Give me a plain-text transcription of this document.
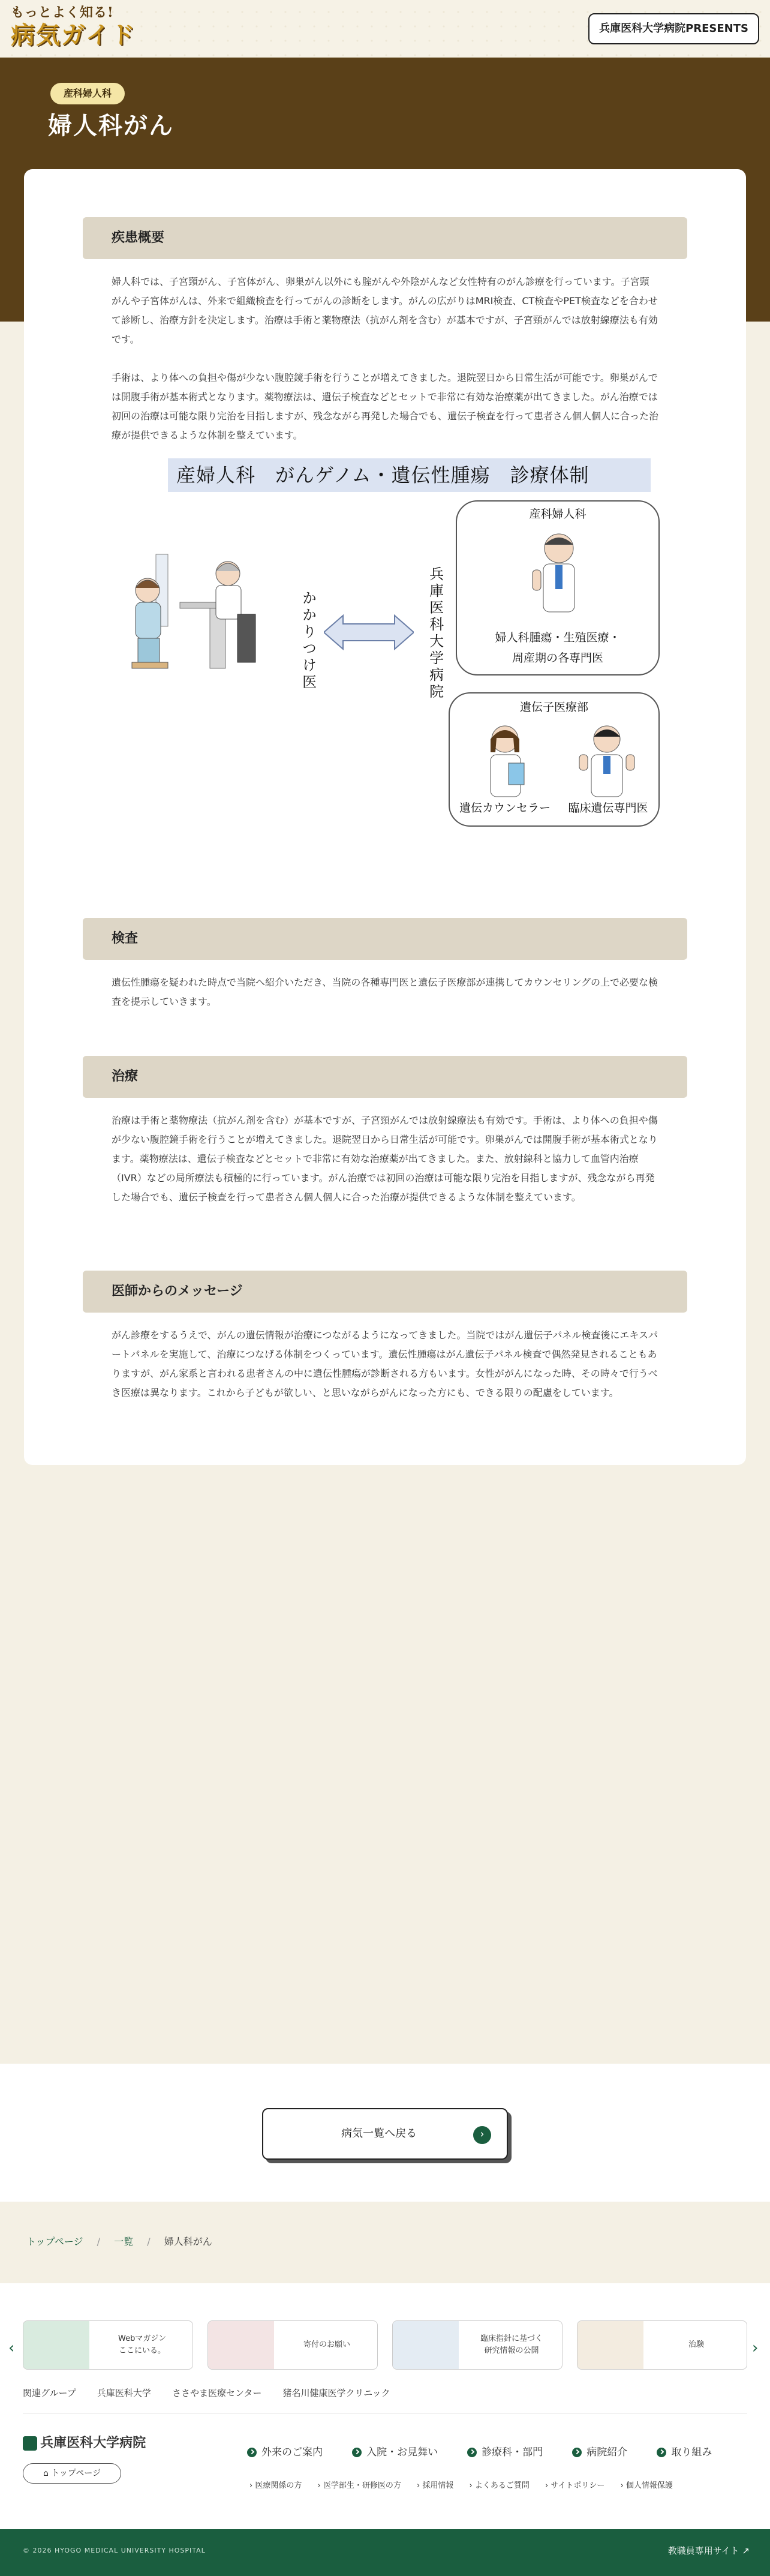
もっとよく知る!
病気ガイド	兵庫医科大学病院PRESENTS
産科婦人科
婦人科がん
疾患概要

婦人科では、子宮頸がん、子宮体がん、卵巣がん以外にも腟がんや外陰がんなど女性特有のがん診療を行っています。子宮頸がんや子宮体がんは、外来で組織検査を行ってがんの診断をします。がんの広がりはMRI検査、CT検査やPET検査などを合わせて診断し、治療方針を決定します。治療は手術と薬物療法（抗がん剤を含む）が基本ですが、子宮頸がんでは放射線療法も有効です。

手術は、より体への負担や傷が少ない腹腔鏡手術を行うことが増えてきました。退院翌日から日常生活が可能です。卵巣がんでは開腹手術が基本術式となります。薬物療法は、遺伝子検査などとセットで非常に有効な治療薬が出てきました。がん治療では初回の治療は可能な限り完治を目指しますが、残念ながら再発した場合でも、遺伝子検査を行って患者さん個人個人に合った治療が提供できるような体制を整えています。

産婦人科　がんゲノム・遺伝性腫瘍　診療体制
かかりつけ医	兵庫医科大学病院
産科婦人科
婦人科腫瘍・生殖医療・
周産期の各専門医
遺伝子医療部
遺伝カウンセラー	臨床遺伝専門医
検査

遺伝性腫瘍を疑われた時点で当院へ紹介いただき、当院の各種専門医と遺伝子医療部が連携してカウンセリングの上で必要な検査を提示していきます。

治療

治療は手術と薬物療法（抗がん剤を含む）が基本ですが、子宮頸がんでは放射線療法も有効です。手術は、より体への負担や傷が少ない腹腔鏡手術を行うことが増えてきました。退院翌日から日常生活が可能です。卵巣がんでは開腹手術が基本術式となります。薬物療法は、遺伝子検査などとセットで非常に有効な治療薬が出てきました。また、放射線科と協力して血管内治療（IVR）などの局所療法も積極的に行っています。がん治療では初回の治療は可能な限り完治を目指しますが、残念ながら再発した場合でも、遺伝子検査を行って患者さん個人個人に合った治療が提供できるような体制を整えています。

医師からのメッセージ

がん診療をするうえで、がんの遺伝情報が治療につながるようになってきました。当院ではがん遺伝子パネル検査後にエキスパートパネルを実施して、治療につなげる体制をつくっています。遺伝性腫瘍はがん遺伝子パネル検査で偶然発見されることもありますが、がん家系と言われる患者さんの中に遺伝性腫瘍が診断される方もいます。女性ががんになった時、その時々で行うべき医療は異なります。これから子どもが欲しい、と思いながらがんになった方にも、できる限りの配慮をしています。

病気一覧へ戻る	›
トップページ / 一覧 / 婦人科がん
‹	›
Webマガジン
ここにいる。
寄付のお願い
臨床指針に基づく
研究情報の公開
治験
関連グループ 兵庫医科大学 ささやま医療センター 猪名川健康医学クリニック
兵庫医科大学病院
⌂ トップページ
外来のご案内	入院・お見舞い	診療科・部門	病院紹介	取り組み
› 医療関係の方 › 医学部生・研修医の方 › 採用情報 › よくあるご質問 › サイトポリシー › 個人情報保護
© 2026 HYOGO MEDICAL UNIVERSITY HOSPITAL	教職員専用サイト ↗
